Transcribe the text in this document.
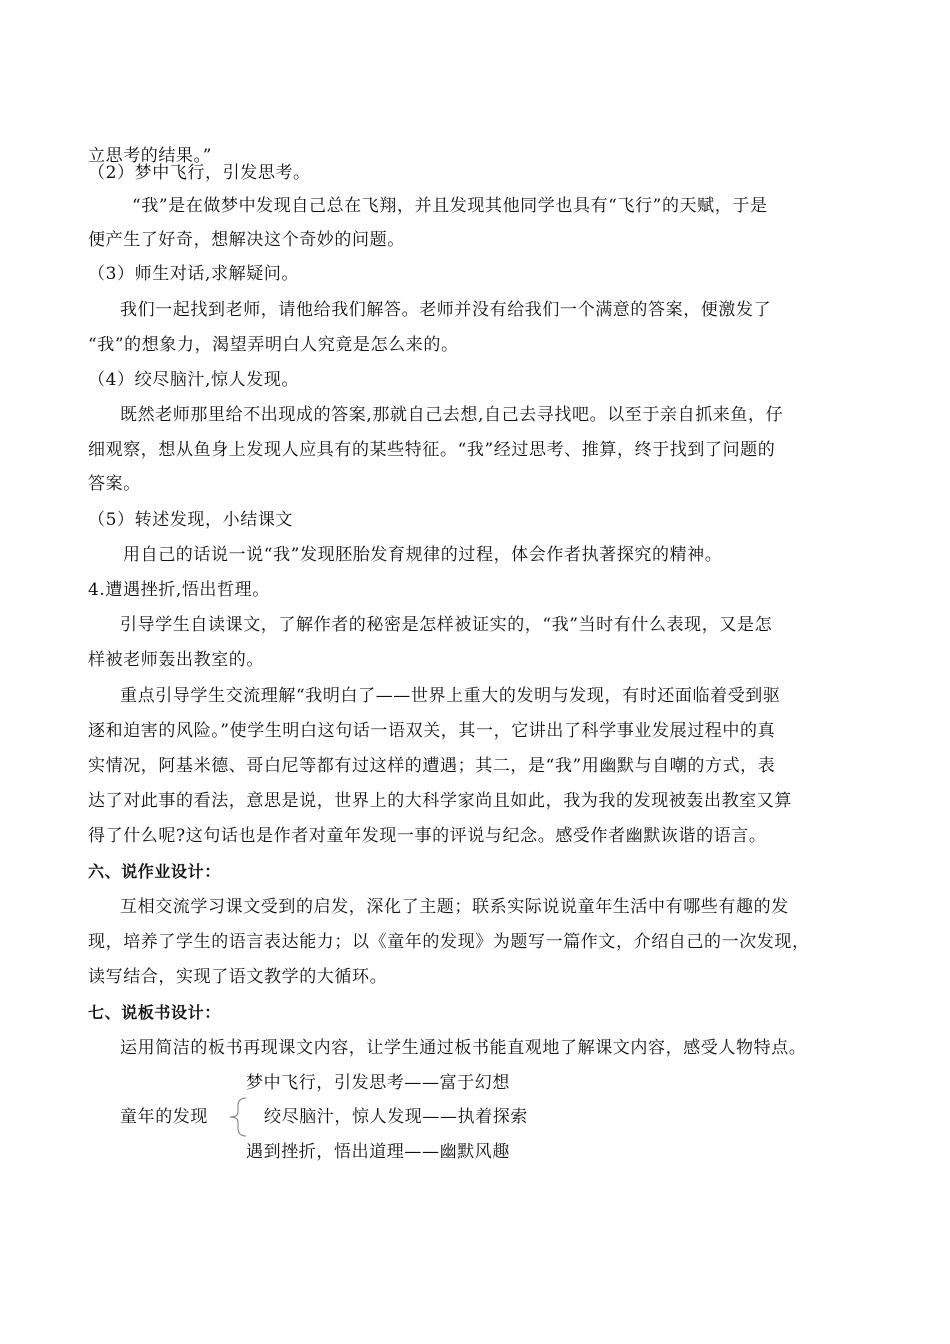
立思考的结果。”
（2）梦中飞行，引发思考。
“我”是在做梦中发现自己总在飞翔，并且发现其他同学也具有“飞行”的天赋，于是
便产生了好奇，想解决这个奇妙的问题。
（3）师生对话,求解疑问。
我们一起找到老师，请他给我们解答。老师并没有给我们一个满意的答案，便激发了
“我”的想象力，渴望弄明白人究竟是怎么来的。
（4）绞尽脑汁,惊人发现。
既然老师那里给不出现成的答案,那就自己去想,自己去寻找吧。以至于亲自抓来鱼，仔
细观察，想从鱼身上发现人应具有的某些特征。“我”经过思考、推算，终于找到了问题的
答案。
（5）转述发现，小结课文
用自己的话说一说“我”发现胚胎发育规律的过程，体会作者执著探究的精神。
4.遭遇挫折,悟出哲理。
引导学生自读课文，了解作者的秘密是怎样被证实的，“我”当时有什么表现，又是怎
样被老师轰出教室的。
重点引导学生交流理解“我明白了——世界上重大的发明与发现，有时还面临着受到驱
逐和迫害的风险。”使学生明白这句话一语双关，其一，它讲出了科学事业发展过程中的真
实情况，阿基米德、哥白尼等都有过这样的遭遇；其二，是“我”用幽默与自嘲的方式，表
达了对此事的看法，意思是说，世界上的大科学家尚且如此，我为我的发现被轰出教室又算
得了什么呢?这句话也是作者对童年发现一事的评说与纪念。感受作者幽默诙谐的语言。
六、说作业设计：
互相交流学习课文受到的启发，深化了主题；联系实际说说童年生活中有哪些有趣的发
现，培养了学生的语言表达能力；以《童年的发现》为题写一篇作文，介绍自己的一次发现，
读写结合，实现了语文教学的大循环。
七、说板书设计：
运用简洁的板书再现课文内容，让学生通过板书能直观地了解课文内容，感受人物特点。
童年的发现
梦中飞行，引发思考——富于幻想
绞尽脑汁，惊人发现——执着探索
遇到挫折，悟出道理——幽默风趣
